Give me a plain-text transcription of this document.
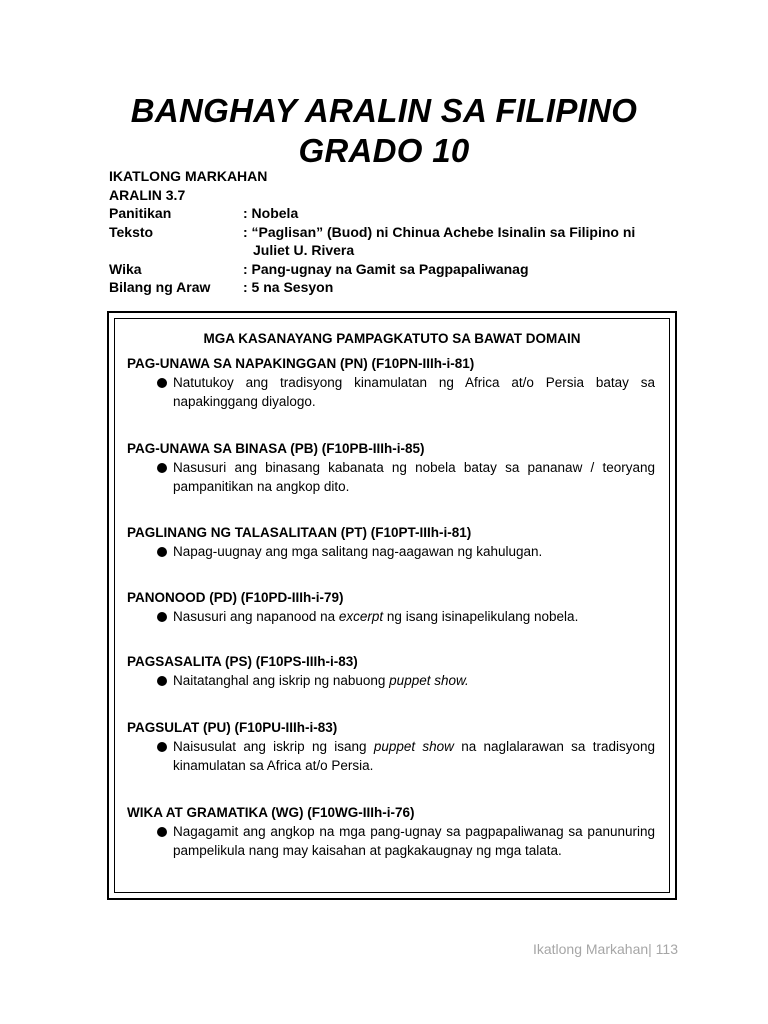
BANGHAY ARALIN SA FILIPINO
GRADO 10
IKATLONG MARKAHAN
ARALIN 3.7
Panitikan	: Nobela
Teksto	: “Paglisan” (Buod) ni Chinua Achebe Isinalin sa Filipino ni
Juliet U. Rivera
Wika	: Pang-ugnay na Gamit sa Pagpapaliwanag
Bilang ng Araw	: 5 na Sesyon
MGA KASANAYANG PAMPAGKATUTO SA BAWAT DOMAIN
PAG-UNAWA SA NAPAKINGGAN (PN) (F10PN-IIIh-i-81)
Natutukoy ang tradisyong kinamulatan ng Africa at/o Persia batay sa napakinggang diyalogo.
PAG-UNAWA SA BINASA (PB) (F10PB-IIIh-i-85)
Nasusuri ang binasang kabanata ng nobela batay sa pananaw / teoryang pampanitikan na angkop dito.
PAGLINANG NG TALASALITAAN (PT) (F10PT-IIIh-i-81)
Napag-uugnay ang mga salitang nag-aagawan ng kahulugan.
PANONOOD (PD) (F10PD-IIIh-i-79)
Nasusuri ang napanood na excerpt ng isang isinapelikulang nobela.
PAGSASALITA (PS) (F10PS-IIIh-i-83)
Naitatanghal ang iskrip ng nabuong puppet show.
PAGSULAT (PU) (F10PU-IIIh-i-83)
Naisusulat ang iskrip ng isang puppet show na naglalarawan sa tradisyong kinamulatan sa Africa at/o Persia.
WIKA AT GRAMATIKA (WG) (F10WG-IIIh-i-76)
Nagagamit ang angkop na mga pang-ugnay sa pagpapaliwanag sa panunuring pampelikula nang may kaisahan at pagkakaugnay ng mga talata.
Ikatlong Markahan| 113
